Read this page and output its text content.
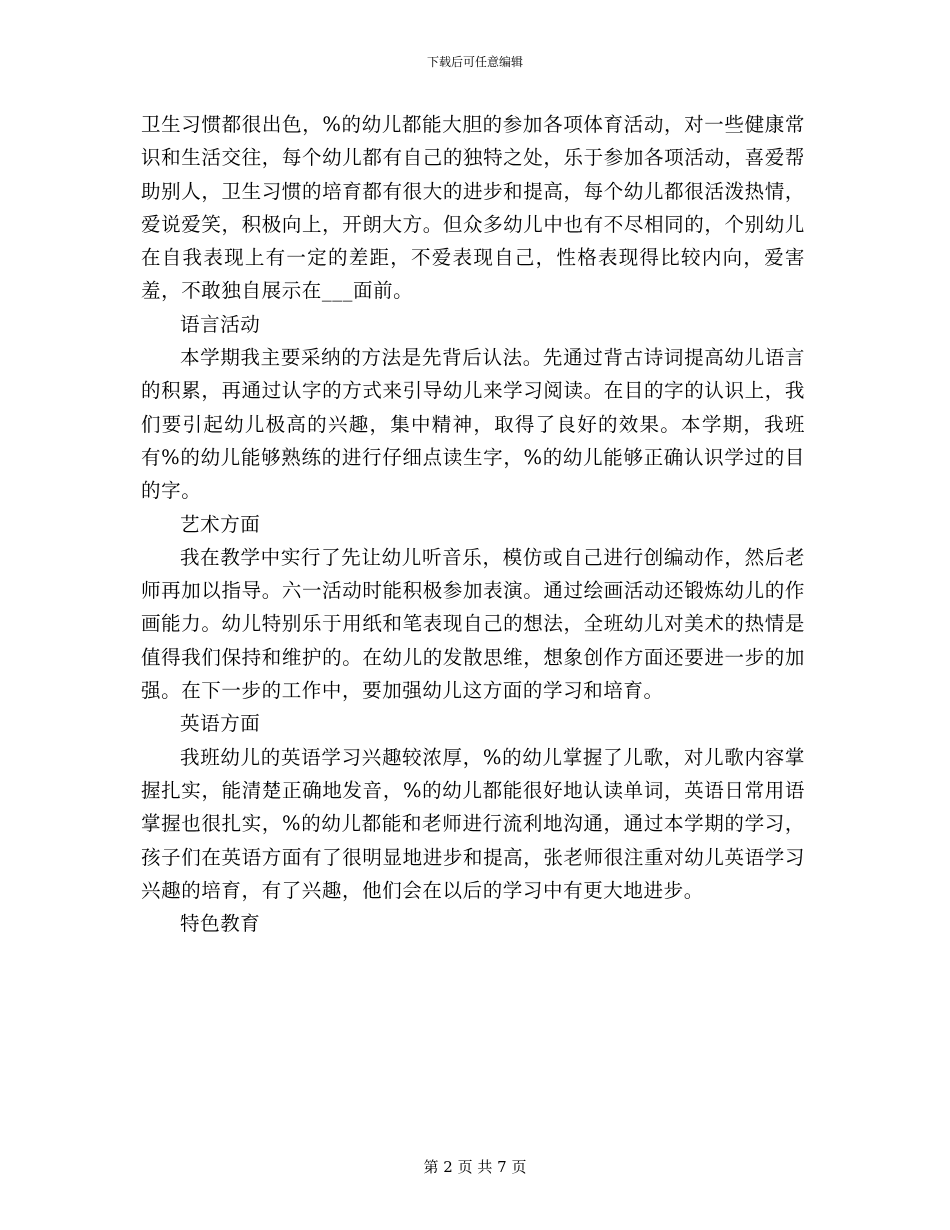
下载后可任意编辑

卫生习惯都很出色，%的幼儿都能大胆的参加各项体育活动，对一些健康常识和生活交往，每个幼儿都有自己的独特之处，乐于参加各项活动，喜爱帮助别人，卫生习惯的培育都有很大的进步和提高，每个幼儿都很活泼热情，爱说爱笑，积极向上，开朗大方。但众多幼儿中也有不尽相同的，个别幼儿在自我表现上有一定的差距，不爱表现自己，性格表现得比较内向，爱害羞，不敢独自展示在___面前。

语言活动

本学期我主要采纳的方法是先背后认法。先通过背古诗词提高幼儿语言的积累，再通过认字的方式来引导幼儿来学习阅读。在目的字的认识上，我们要引起幼儿极高的兴趣，集中精神，取得了良好的效果。本学期，我班有%的幼儿能够熟练的进行仔细点读生字，%的幼儿能够正确认识学过的目的字。

艺术方面

我在教学中实行了先让幼儿听音乐，模仿或自己进行创编动作，然后老师再加以指导。六一活动时能积极参加表演。通过绘画活动还锻炼幼儿的作画能力。幼儿特别乐于用纸和笔表现自己的想法，全班幼儿对美术的热情是值得我们保持和维护的。在幼儿的发散思维，想象创作方面还要进一步的加强。在下一步的工作中，要加强幼儿这方面的学习和培育。

英语方面

我班幼儿的英语学习兴趣较浓厚，%的幼儿掌握了儿歌，对儿歌内容掌握扎实，能清楚正确地发音，%的幼儿都能很好地认读单词，英语日常用语掌握也很扎实，%的幼儿都能和老师进行流利地沟通，通过本学期的学习，孩子们在英语方面有了很明显地进步和提高，张老师很注重对幼儿英语学习兴趣的培育，有了兴趣，他们会在以后的学习中有更大地进步。

特色教育

第 2 页 共 7 页
